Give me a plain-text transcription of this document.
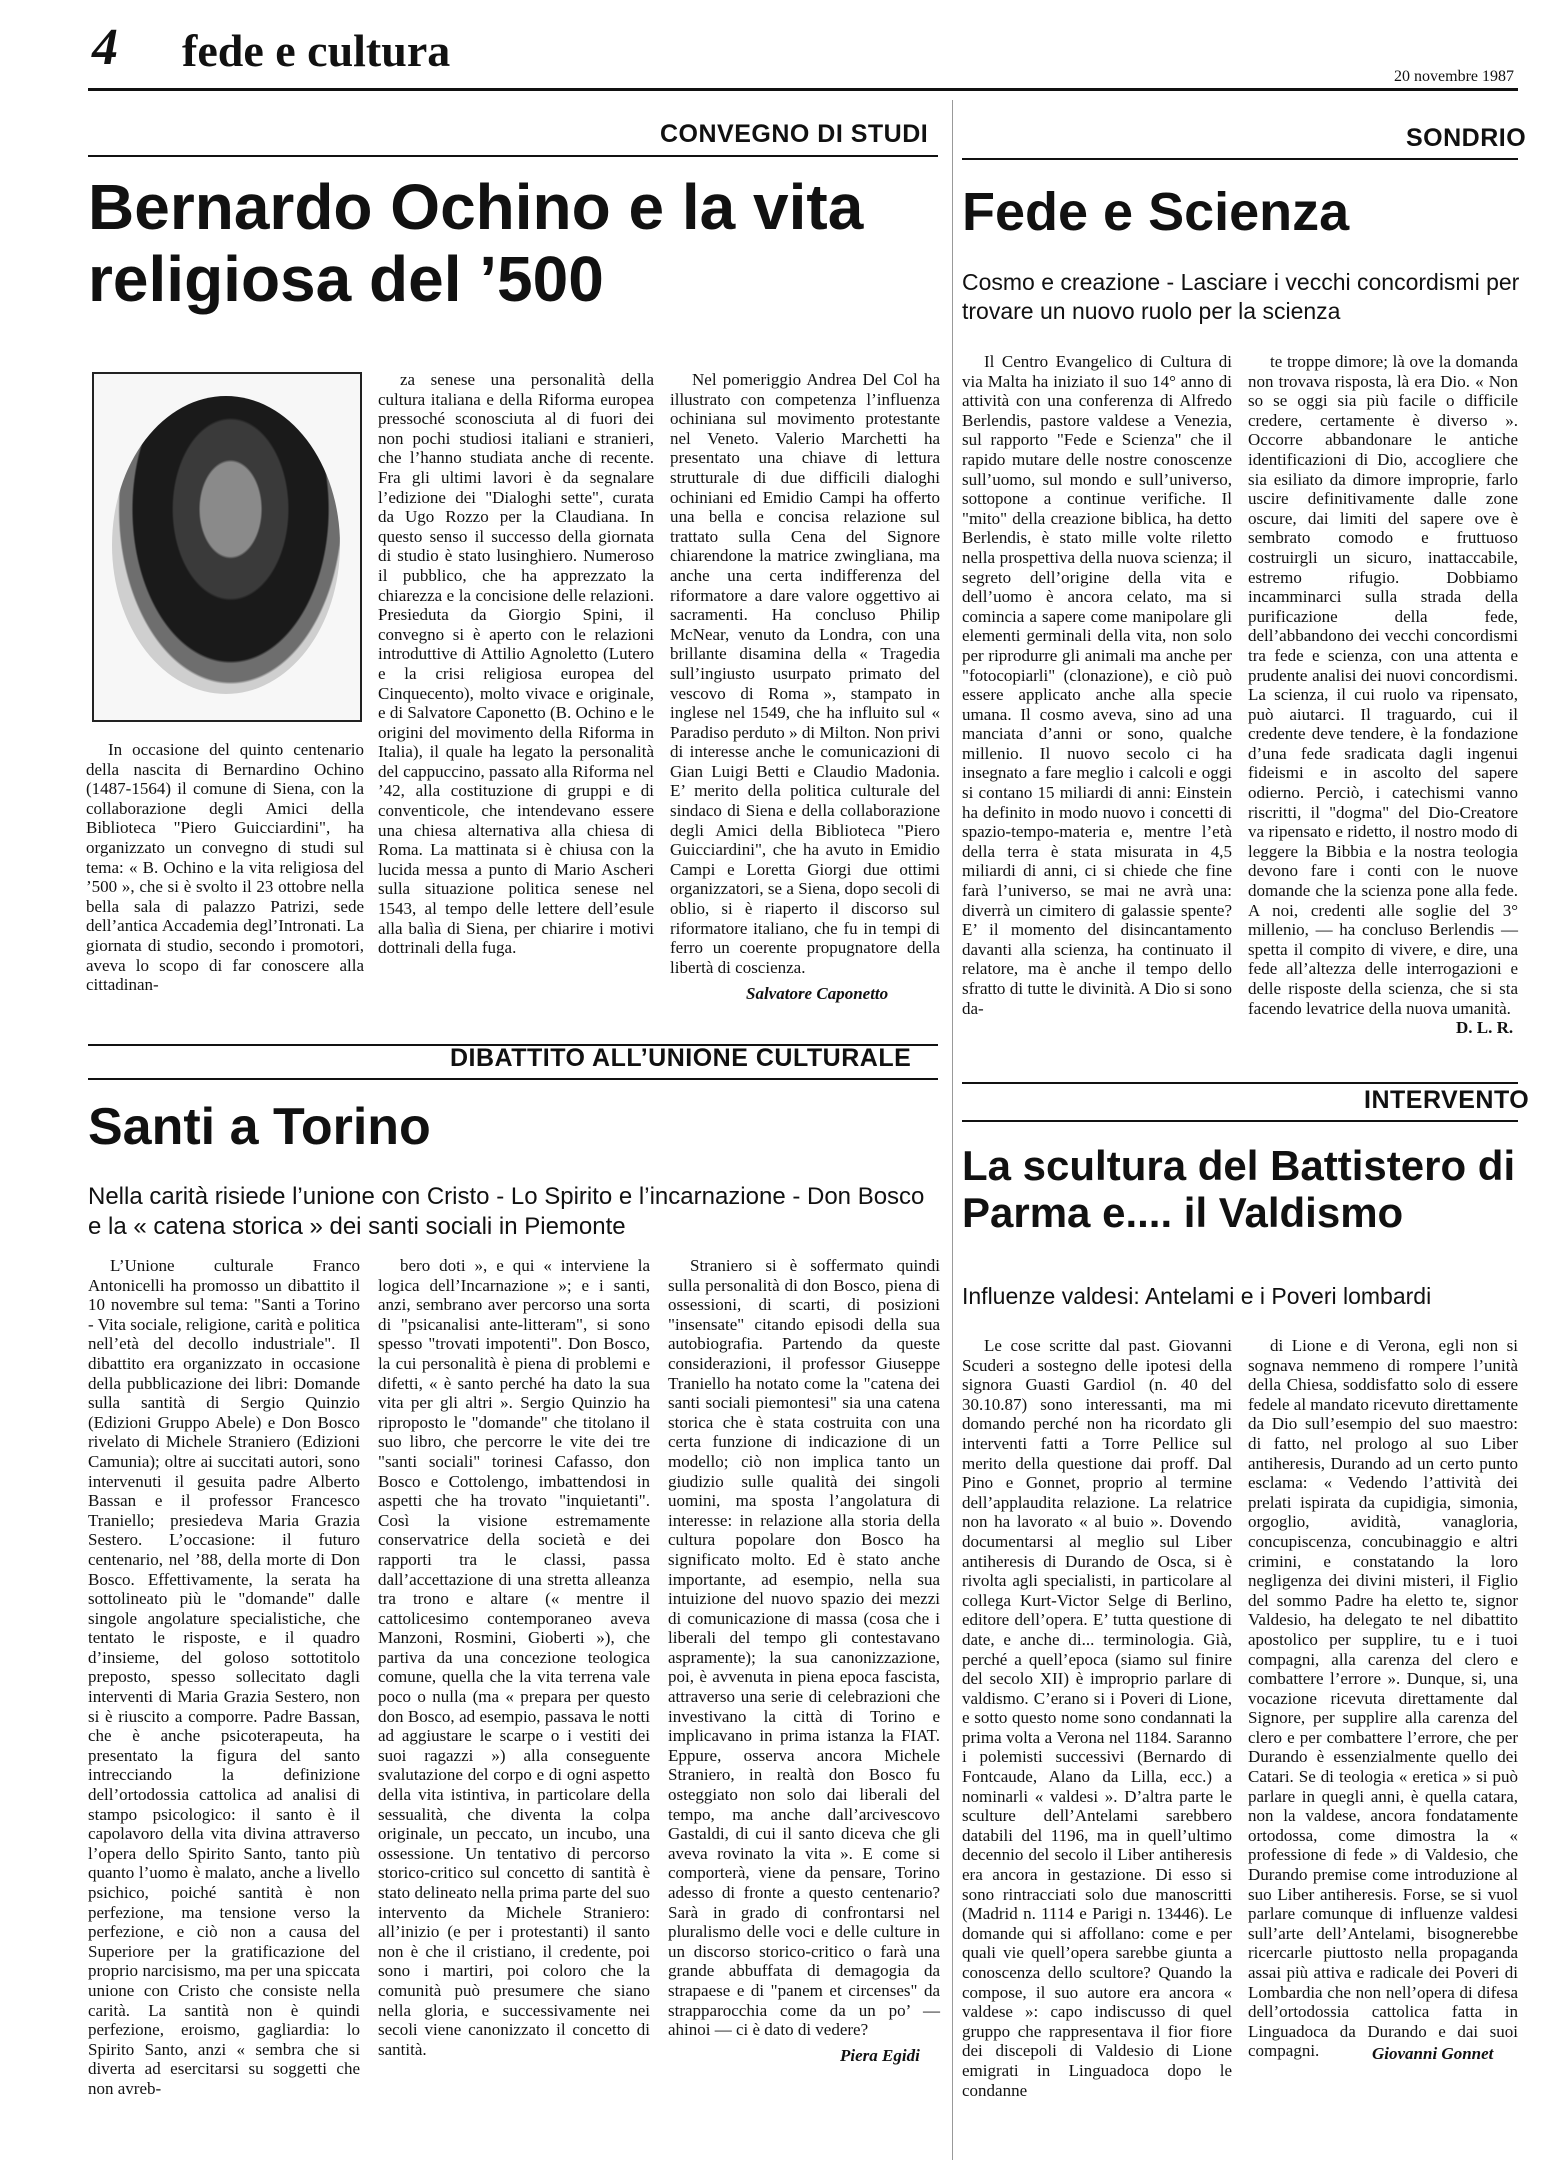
4 fede e cultura
20 novembre 1987
CONVEGNO DI STUDI
Bernardo Ochino e la vita religiosa del ’500

In occasione del quinto centenario della nascita di Bernardino Ochino (1487-1564) il comune di Siena, con la collaborazione degli Amici della Biblioteca "Piero Guicciardini", ha organizzato un convegno di studi sul tema: « B. Ochino e la vita religiosa del ’500 », che si è svolto il 23 ottobre nella bella sala di palazzo Patrizi, sede dell’antica Accademia degl’Intronati. La giornata di studio, secondo i promotori, aveva lo scopo di far conoscere alla cittadinan-

za senese una personalità della cultura italiana e della Riforma europea pressoché sconosciuta al di fuori dei non pochi studiosi italiani e stranieri, che l’hanno studiata anche di recente. Fra gli ultimi lavori è da segnalare l’edizione dei "Dialoghi sette", curata da Ugo Rozzo per la Claudiana. In questo senso il successo della giornata di studio è stato lusinghiero. Numeroso il pubblico, che ha apprezzato la chiarezza e la concisione delle relazioni. Presieduta da Giorgio Spini, il convegno si è aperto con le relazioni introduttive di Attilio Agnoletto (Lutero e la crisi religiosa europea del Cinquecento), molto vivace e originale, e di Salvatore Caponetto (B. Ochino e le origini del movimento della Riforma in Italia), il quale ha legato la personalità del cappuccino, passato alla Riforma nel ’42, alla costituzione di gruppi e di conventicole, che intendevano essere una chiesa alternativa alla chiesa di Roma. La mattinata si è chiusa con la lucida messa a punto di Mario Ascheri sulla situazione politica senese nel 1543, al tempo delle lettere dell’esule alla balìa di Siena, per chiarire i motivi dottrinali della fuga.

Nel pomeriggio Andrea Del Col ha illustrato con competenza l’influenza ochiniana sul movimento protestante nel Veneto. Valerio Marchetti ha presentato una chiave di lettura strutturale di due difficili dialoghi ochiniani ed Emidio Campi ha offerto una bella e concisa relazione sul trattato sulla Cena del Signore chiarendone la matrice zwingliana, ma anche una certa indifferenza del riformatore a dare valore oggettivo ai sacramenti. Ha concluso Philip McNear, venuto da Londra, con una brillante disamina della « Tragedia sull’ingiusto usurpato primato del vescovo di Roma », stampato in inglese nel 1549, che ha influito sul « Paradiso perduto » di Milton. Non privi di interesse anche le comunicazioni di Gian Luigi Betti e Claudio Madonia. E’ merito della politica culturale del sindaco di Siena e della collaborazione degli Amici della Biblioteca "Piero Guicciardini", che ha avuto in Emidio Campi e Loretta Giorgi due ottimi organizzatori, se a Siena, dopo secoli di oblio, si è riaperto il discorso sul riformatore italiano, che fu in tempi di ferro un coerente propugnatore della libertà di coscienza.

Salvatore Caponetto
SONDRIO
Fede e Scienza
Cosmo e creazione - Lasciare i vecchi concordismi per trovare un nuovo ruolo per la scienza

Il Centro Evangelico di Cultura di via Malta ha iniziato il suo 14° anno di attività con una conferenza di Alfredo Berlendis, pastore valdese a Venezia, sul rapporto "Fede e Scienza" che il rapido mutare delle nostre conoscenze sull’uomo, sul mondo e sull’universo, sottopone a continue verifiche. Il "mito" della creazione biblica, ha detto Berlendis, è stato mille volte riletto nella prospettiva della nuova scienza; il segreto dell’origine della vita e dell’uomo è ancora celato, ma si comincia a sapere come manipolare gli elementi germinali della vita, non solo per riprodurre gli animali ma anche per "fotocopiarli" (clonazione), e ciò può essere applicato anche alla specie umana. Il cosmo aveva, sino ad una manciata d’anni or sono, qualche millenio. Il nuovo secolo ci ha insegnato a fare meglio i calcoli e oggi si contano 15 miliardi di anni: Einstein ha definito in modo nuovo i concetti di spazio-tempo-materia e, mentre l’età della terra è stata misurata in 4,5 miliardi di anni, ci si chiede che fine farà l’universo, se mai ne avrà una: diverrà un cimitero di galassie spente? E’ il momento del disincantamento davanti alla scienza, ha continuato il relatore, ma è anche il tempo dello sfratto di tutte le divinità. A Dio si sono da-

te troppe dimore; là ove la domanda non trovava risposta, là era Dio. « Non so se oggi sia più facile o difficile credere, certamente è diverso ». Occorre abbandonare le antiche identificazioni di Dio, accogliere che sia esiliato da dimore improprie, farlo uscire definitivamente dalle zone oscure, dai limiti del sapere ove è sembrato comodo e fruttuoso costruirgli un sicuro, inattaccabile, estremo rifugio. Dobbiamo incamminarci sulla strada della purificazione della fede, dell’abbandono dei vecchi concordismi tra fede e scienza, con una attenta e prudente analisi dei nuovi concordismi. La scienza, il cui ruolo va ripensato, può aiutarci. Il traguardo, cui il credente deve tendere, è la fondazione d’una fede sradicata dagli ingenui fideismi e in ascolto del sapere odierno. Perciò, i catechismi vanno riscritti, il "dogma" del Dio-Creatore va ripensato e ridetto, il nostro modo di leggere la Bibbia e la nostra teologia devono fare i conti con le nuove domande che la scienza pone alla fede. A noi, credenti alle soglie del 3° millenio, — ha concluso Berlendis — spetta il compito di vivere, e dire, una fede all’altezza delle interrogazioni e delle risposte della scienza, che si sta facendo levatrice della nuova umanità.

D. L. R.
DIBATTITO ALL’UNIONE CULTURALE
Santi a Torino
Nella carità risiede l’unione con Cristo - Lo Spirito e l’incarnazione - Don Bosco e la « catena storica » dei santi sociali in Piemonte

L’Unione culturale Franco Antonicelli ha promosso un dibattito il 10 novembre sul tema: "Santi a Torino - Vita sociale, religione, carità e politica nell’età del decollo industriale". Il dibattito era organizzato in occasione della pubblicazione dei libri: Domande sulla santità di Sergio Quinzio (Edizioni Gruppo Abele) e Don Bosco rivelato di Michele Straniero (Edizioni Camunia); oltre ai succitati autori, sono intervenuti il gesuita padre Alberto Bassan e il professor Francesco Traniello; presiedeva Maria Grazia Sestero. L’occasione: il futuro centenario, nel ’88, della morte di Don Bosco. Effettivamente, la serata ha sottolineato più le "domande" dalle singole angolature specialistiche, che tentato le risposte, e il quadro d’insieme, del goloso sottotitolo preposto, spesso sollecitato dagli interventi di Maria Grazia Sestero, non si è riuscito a comporre. Padre Bassan, che è anche psicoterapeuta, ha presentato la figura del santo intrecciando la definizione dell’ortodossia cattolica ad analisi di stampo psicologico: il santo è il capolavoro della vita divina attraverso l’opera dello Spirito Santo, tanto più quanto l’uomo è malato, anche a livello psichico, poiché santità è non perfezione, ma tensione verso la perfezione, e ciò non a causa del Superiore per la gratificazione del proprio narcisismo, ma per una spiccata unione con Cristo che consiste nella carità. La santità non è quindi perfezione, eroismo, gagliardia: lo Spirito Santo, anzi « sembra che si diverta ad esercitarsi su soggetti che non avreb-

bero doti », e qui « interviene la logica dell’Incarnazione »; e i santi, anzi, sembrano aver percorso una sorta di "psicanalisi ante-litteram", si sono spesso "trovati impotenti". Don Bosco, la cui personalità è piena di problemi e difetti, « è santo perché ha dato la sua vita per gli altri ». Sergio Quinzio ha riproposto le "domande" che titolano il suo libro, che percorre le vite dei tre "santi sociali" torinesi Cafasso, don Bosco e Cottolengo, imbattendosi in aspetti che ha trovato "inquietanti". Così la visione estremamente conservatrice della società e dei rapporti tra le classi, passa dall’accettazione di una stretta alleanza tra trono e altare (« mentre il cattolicesimo contemporaneo aveva Manzoni, Rosmini, Gioberti »), che partiva da una concezione teologica comune, quella che la vita terrena vale poco o nulla (ma « prepara per questo don Bosco, ad esempio, passava le notti ad aggiustare le scarpe o i vestiti dei suoi ragazzi ») alla conseguente svalutazione del corpo e di ogni aspetto della vita istintiva, in particolare della sessualità, che diventa la colpa originale, un peccato, un incubo, una ossessione. Un tentativo di percorso storico-critico sul concetto di santità è stato delineato nella prima parte del suo intervento da Michele Straniero: all’inizio (e per i protestanti) il santo non è che il cristiano, il credente, poi sono i martiri, poi coloro che la comunità può presumere che siano nella gloria, e successivamente nei secoli viene canonizzato il concetto di santità.

Straniero si è soffermato quindi sulla personalità di don Bosco, piena di ossessioni, di scarti, di posizioni "insensate" citando episodi della sua autobiografia. Partendo da queste considerazioni, il professor Giuseppe Traniello ha notato come la "catena dei santi sociali piemontesi" sia una catena storica che è stata costruita con una certa funzione di indicazione di un modello; ciò non implica tanto un giudizio sulle qualità dei singoli uomini, ma sposta l’angolatura di interesse: in relazione alla storia della cultura popolare don Bosco ha significato molto. Ed è stato anche importante, ad esempio, nella sua intuizione del nuovo spazio dei mezzi di comunicazione di massa (cosa che i liberali del tempo gli contestavano aspramente); la sua canonizzazione, poi, è avvenuta in piena epoca fascista, attraverso una serie di celebrazioni che investivano la città di Torino e implicavano in prima istanza la FIAT. Eppure, osserva ancora Michele Straniero, in realtà don Bosco fu osteggiato non solo dai liberali del tempo, ma anche dall’arcivescovo Gastaldi, di cui il santo diceva che gli aveva rovinato la vita ». E come si comporterà, viene da pensare, Torino adesso di fronte a questo centenario? Sarà in grado di confrontarsi nel pluralismo delle voci e delle culture in un discorso storico-critico o farà una grande abbuffata di demagogia da strapaese e di "panem et circenses" da strapparocchia come da un po’ — ahinoi — ci è dato di vedere?

Piera Egidi
INTERVENTO
La scultura del Battistero di Parma e.... il Valdismo
Influenze valdesi: Antelami e i Poveri lombardi

Le cose scritte dal past. Giovanni Scuderi a sostegno delle ipotesi della signora Guasti Gardiol (n. 40 del 30.10.87) sono interessanti, ma mi domando perché non ha ricordato gli interventi fatti a Torre Pellice sul merito della questione dai proff. Dal Pino e Gonnet, proprio al termine dell’applaudita relazione. La relatrice non ha lavorato « al buio ». Dovendo documentarsi al meglio sul Liber antiheresis di Durando de Osca, si è rivolta agli specialisti, in particolare al collega Kurt-Victor Selge di Berlino, editore dell’opera. E’ tutta questione di date, e anche di... terminologia. Già, perché a quell’epoca (siamo sul finire del secolo XII) è improprio parlare di valdismo. C’erano si i Poveri di Lione, e sotto questo nome sono condannati la prima volta a Verona nel 1184. Saranno i polemisti successivi (Bernardo di Fontcaude, Alano da Lilla, ecc.) a nominarli « valdesi ». D’altra parte le sculture dell’Antelami sarebbero databili del 1196, ma in quell’ultimo decennio del secolo il Liber antiheresis era ancora in gestazione. Di esso si sono rintracciati solo due manoscritti (Madrid n. 1114 e Parigi n. 13446). Le domande qui si affollano: come e per quali vie quell’opera sarebbe giunta a conoscenza dello scultore? Quando la compose, il suo autore era ancora « valdese »: capo indiscusso di quel gruppo che rappresentava il fior fiore dei discepoli di Valdesio di Lione emigrati in Linguadoca dopo le condanne

di Lione e di Verona, egli non si sognava nemmeno di rompere l’unità della Chiesa, soddisfatto solo di essere fedele al mandato ricevuto direttamente da Dio sull’esempio del suo maestro: di fatto, nel prologo al suo Liber antiheresis, Durando ad un certo punto esclama: « Vedendo l’attività dei prelati ispirata da cupidigia, simonia, orgoglio, avidità, vanagloria, concupiscenza, concubinaggio e altri crimini, e constatando la loro negligenza dei divini misteri, il Figlio del sommo Padre ha eletto te, signor Valdesio, ha delegato te nel dibattito apostolico per supplire, tu e i tuoi compagni, alla carenza del clero e combattere l’errore ». Dunque, si, una vocazione ricevuta direttamente dal Signore, per supplire alla carenza del clero e per combattere l’errore, che per Durando è essenzialmente quello dei Catari. Se di teologia « eretica » si può parlare in quegli anni, è quella catara, non la valdese, ancora fondatamente ortodossa, come dimostra la « professione di fede » di Valdesio, che Durando premise come introduzione al suo Liber antiheresis. Forse, se si vuol parlare comunque di influenze valdesi sull’arte dell’Antelami, bisognerebbe ricercarle piuttosto nella propaganda assai più attiva e radicale dei Poveri di Lombardia che non nell’opera di difesa dell’ortodossia cattolica fatta in Linguadoca da Durando e dai suoi compagni.	Giovanni Gonnet
